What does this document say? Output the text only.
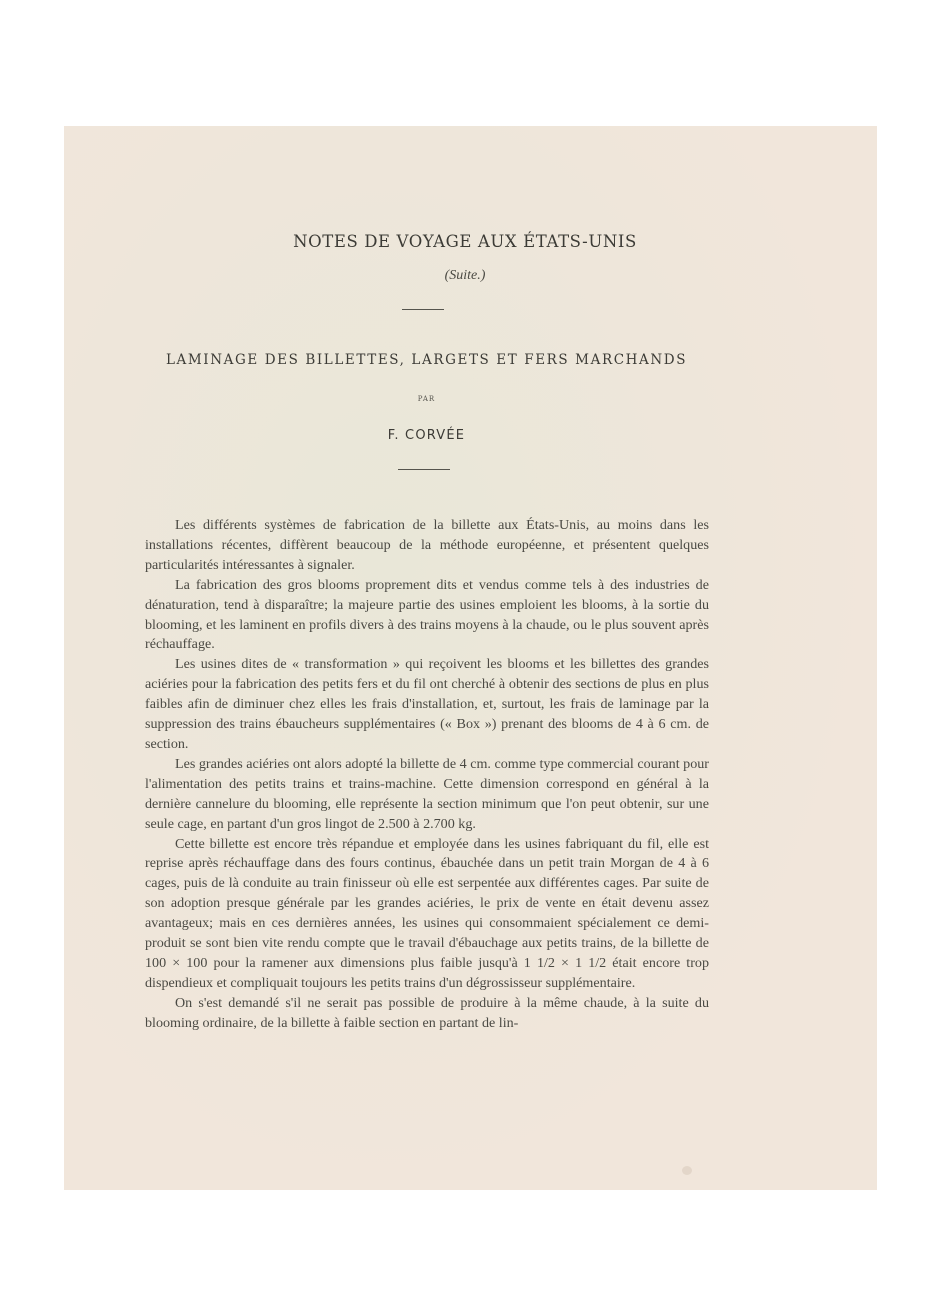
NOTES DE VOYAGE AUX ÉTATS-UNIS
(Suite.)
LAMINAGE DES BILLETTES, LARGETS ET FERS MARCHANDS
PAR
F. CORVÉE

Les différents systèmes de fabrication de la billette aux États-Unis, au moins dans les installations récentes, diffèrent beaucoup de la méthode européenne, et présentent quelques particularités intéressantes à signaler.

La fabrication des gros blooms proprement dits et vendus comme tels à des industries de dénaturation, tend à disparaître; la majeure partie des usines emploient les blooms, à la sortie du blooming, et les laminent en profils divers à des trains moyens à la chaude, ou le plus souvent après réchauffage.

Les usines dites de « transformation » qui reçoivent les blooms et les billettes des grandes aciéries pour la fabrication des petits fers et du fil ont cherché à obtenir des sections de plus en plus faibles afin de diminuer chez elles les frais d'installation, et, surtout, les frais de laminage par la suppression des trains ébaucheurs supplémentaires (« Box ») prenant des blooms de 4 à 6 cm. de section.

Les grandes aciéries ont alors adopté la billette de 4 cm. comme type commercial courant pour l'alimentation des petits trains et trains-machine. Cette dimension correspond en général à la dernière cannelure du blooming, elle représente la section minimum que l'on peut obtenir, sur une seule cage, en partant d'un gros lingot de 2.500 à 2.700 kg.

Cette billette est encore très répandue et employée dans les usines fabriquant du fil, elle est reprise après réchauffage dans des fours continus, ébauchée dans un petit train Morgan de 4 à 6 cages, puis de là conduite au train finisseur où elle est serpentée aux différentes cages. Par suite de son adoption presque générale par les grandes aciéries, le prix de vente en était devenu assez avantageux; mais en ces dernières années, les usines qui consommaient spécialement ce demi-produit se sont bien vite rendu compte que le travail d'ébauchage aux petits trains, de la billette de 100 × 100 pour la ramener aux dimensions plus faible jusqu'à 1 1/2 × 1 1/2 était encore trop dispendieux et compliquait toujours les petits trains d'un dégrossisseur supplémentaire.

On s'est demandé s'il ne serait pas possible de produire à la même chaude, à la suite du blooming ordinaire, de la billette à faible section en partant de lin-
